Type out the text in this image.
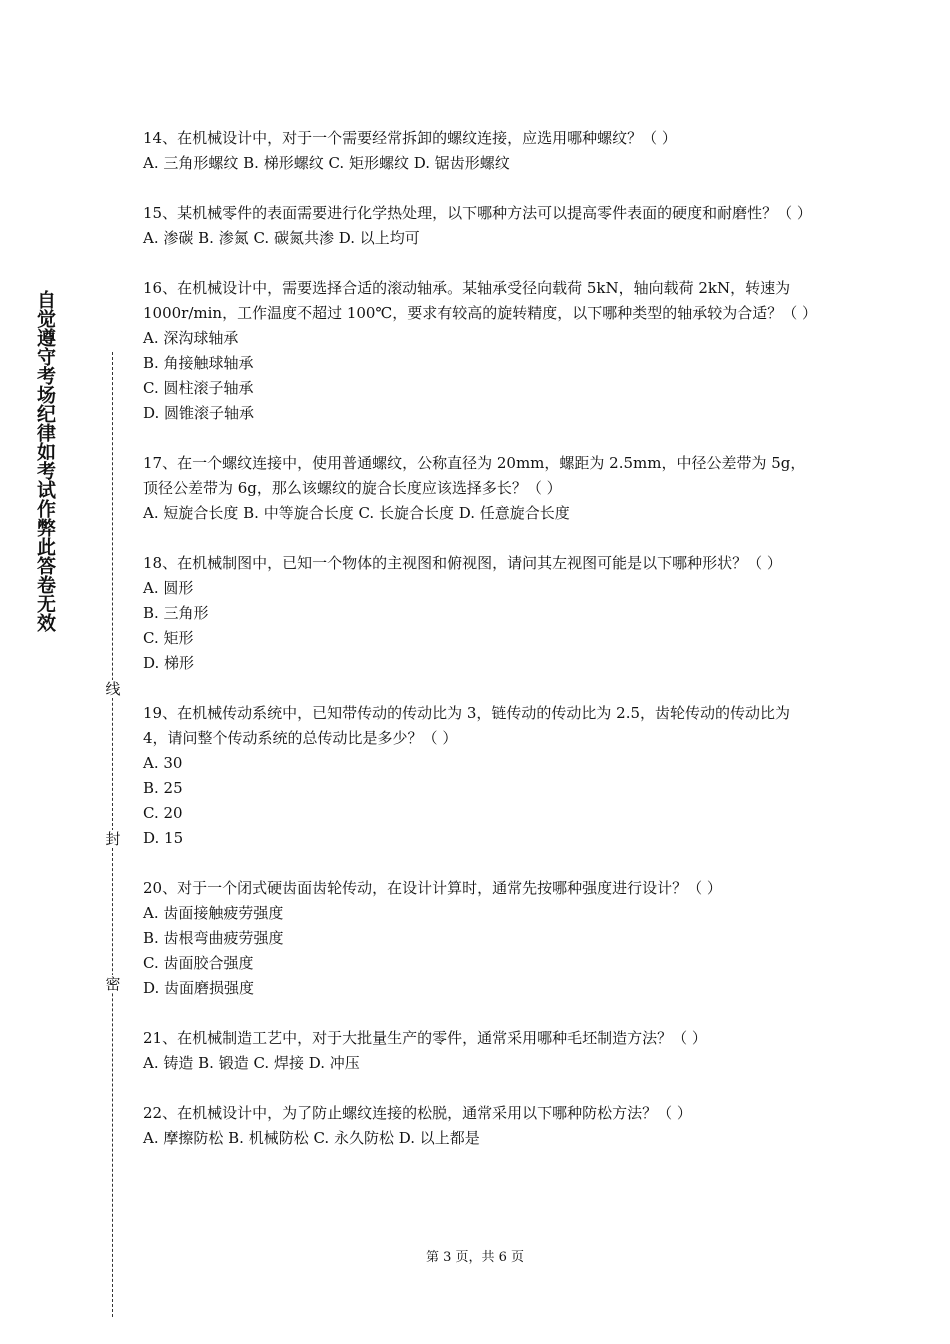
自觉遵守考场纪律如考试作弊此答卷无效
线
封
密

14、在机械设计中，对于一个需要经常拆卸的螺纹连接，应选用哪种螺纹？（ ）

A. 三角形螺纹 B. 梯形螺纹 C. 矩形螺纹 D. 锯齿形螺纹

15、某机械零件的表面需要进行化学热处理，以下哪种方法可以提高零件表面的硬度和耐磨性？（ ）

A. 渗碳 B. 渗氮 C. 碳氮共渗 D. 以上均可

16、在机械设计中，需要选择合适的滚动轴承。某轴承受径向载荷 5kN，轴向载荷 2kN，转速为 1000r/min，工作温度不超过 100℃，要求有较高的旋转精度，以下哪种类型的轴承较为合适？（ ）

A. 深沟球轴承

B. 角接触球轴承

C. 圆柱滚子轴承

D. 圆锥滚子轴承

17、在一个螺纹连接中，使用普通螺纹，公称直径为 20mm，螺距为 2.5mm，中径公差带为 5g，顶径公差带为 6g，那么该螺纹的旋合长度应该选择多长？（ ）

A. 短旋合长度 B. 中等旋合长度 C. 长旋合长度 D. 任意旋合长度

18、在机械制图中，已知一个物体的主视图和俯视图，请问其左视图可能是以下哪种形状？（ ）

A. 圆形

B. 三角形

C. 矩形

D. 梯形

19、在机械传动系统中，已知带传动的传动比为 3，链传动的传动比为 2.5，齿轮传动的传动比为 4，请问整个传动系统的总传动比是多少？（ ）

A. 30

B. 25

C. 20

D. 15

20、对于一个闭式硬齿面齿轮传动，在设计计算时，通常先按哪种强度进行设计？（ ）

A. 齿面接触疲劳强度

B. 齿根弯曲疲劳强度

C. 齿面胶合强度

D. 齿面磨损强度

21、在机械制造工艺中，对于大批量生产的零件，通常采用哪种毛坯制造方法？（ ）

A. 铸造 B. 锻造 C. 焊接 D. 冲压

22、在机械设计中，为了防止螺纹连接的松脱，通常采用以下哪种防松方法？（ ）

A. 摩擦防松 B. 机械防松 C. 永久防松 D. 以上都是

第 3 页，共 6 页
